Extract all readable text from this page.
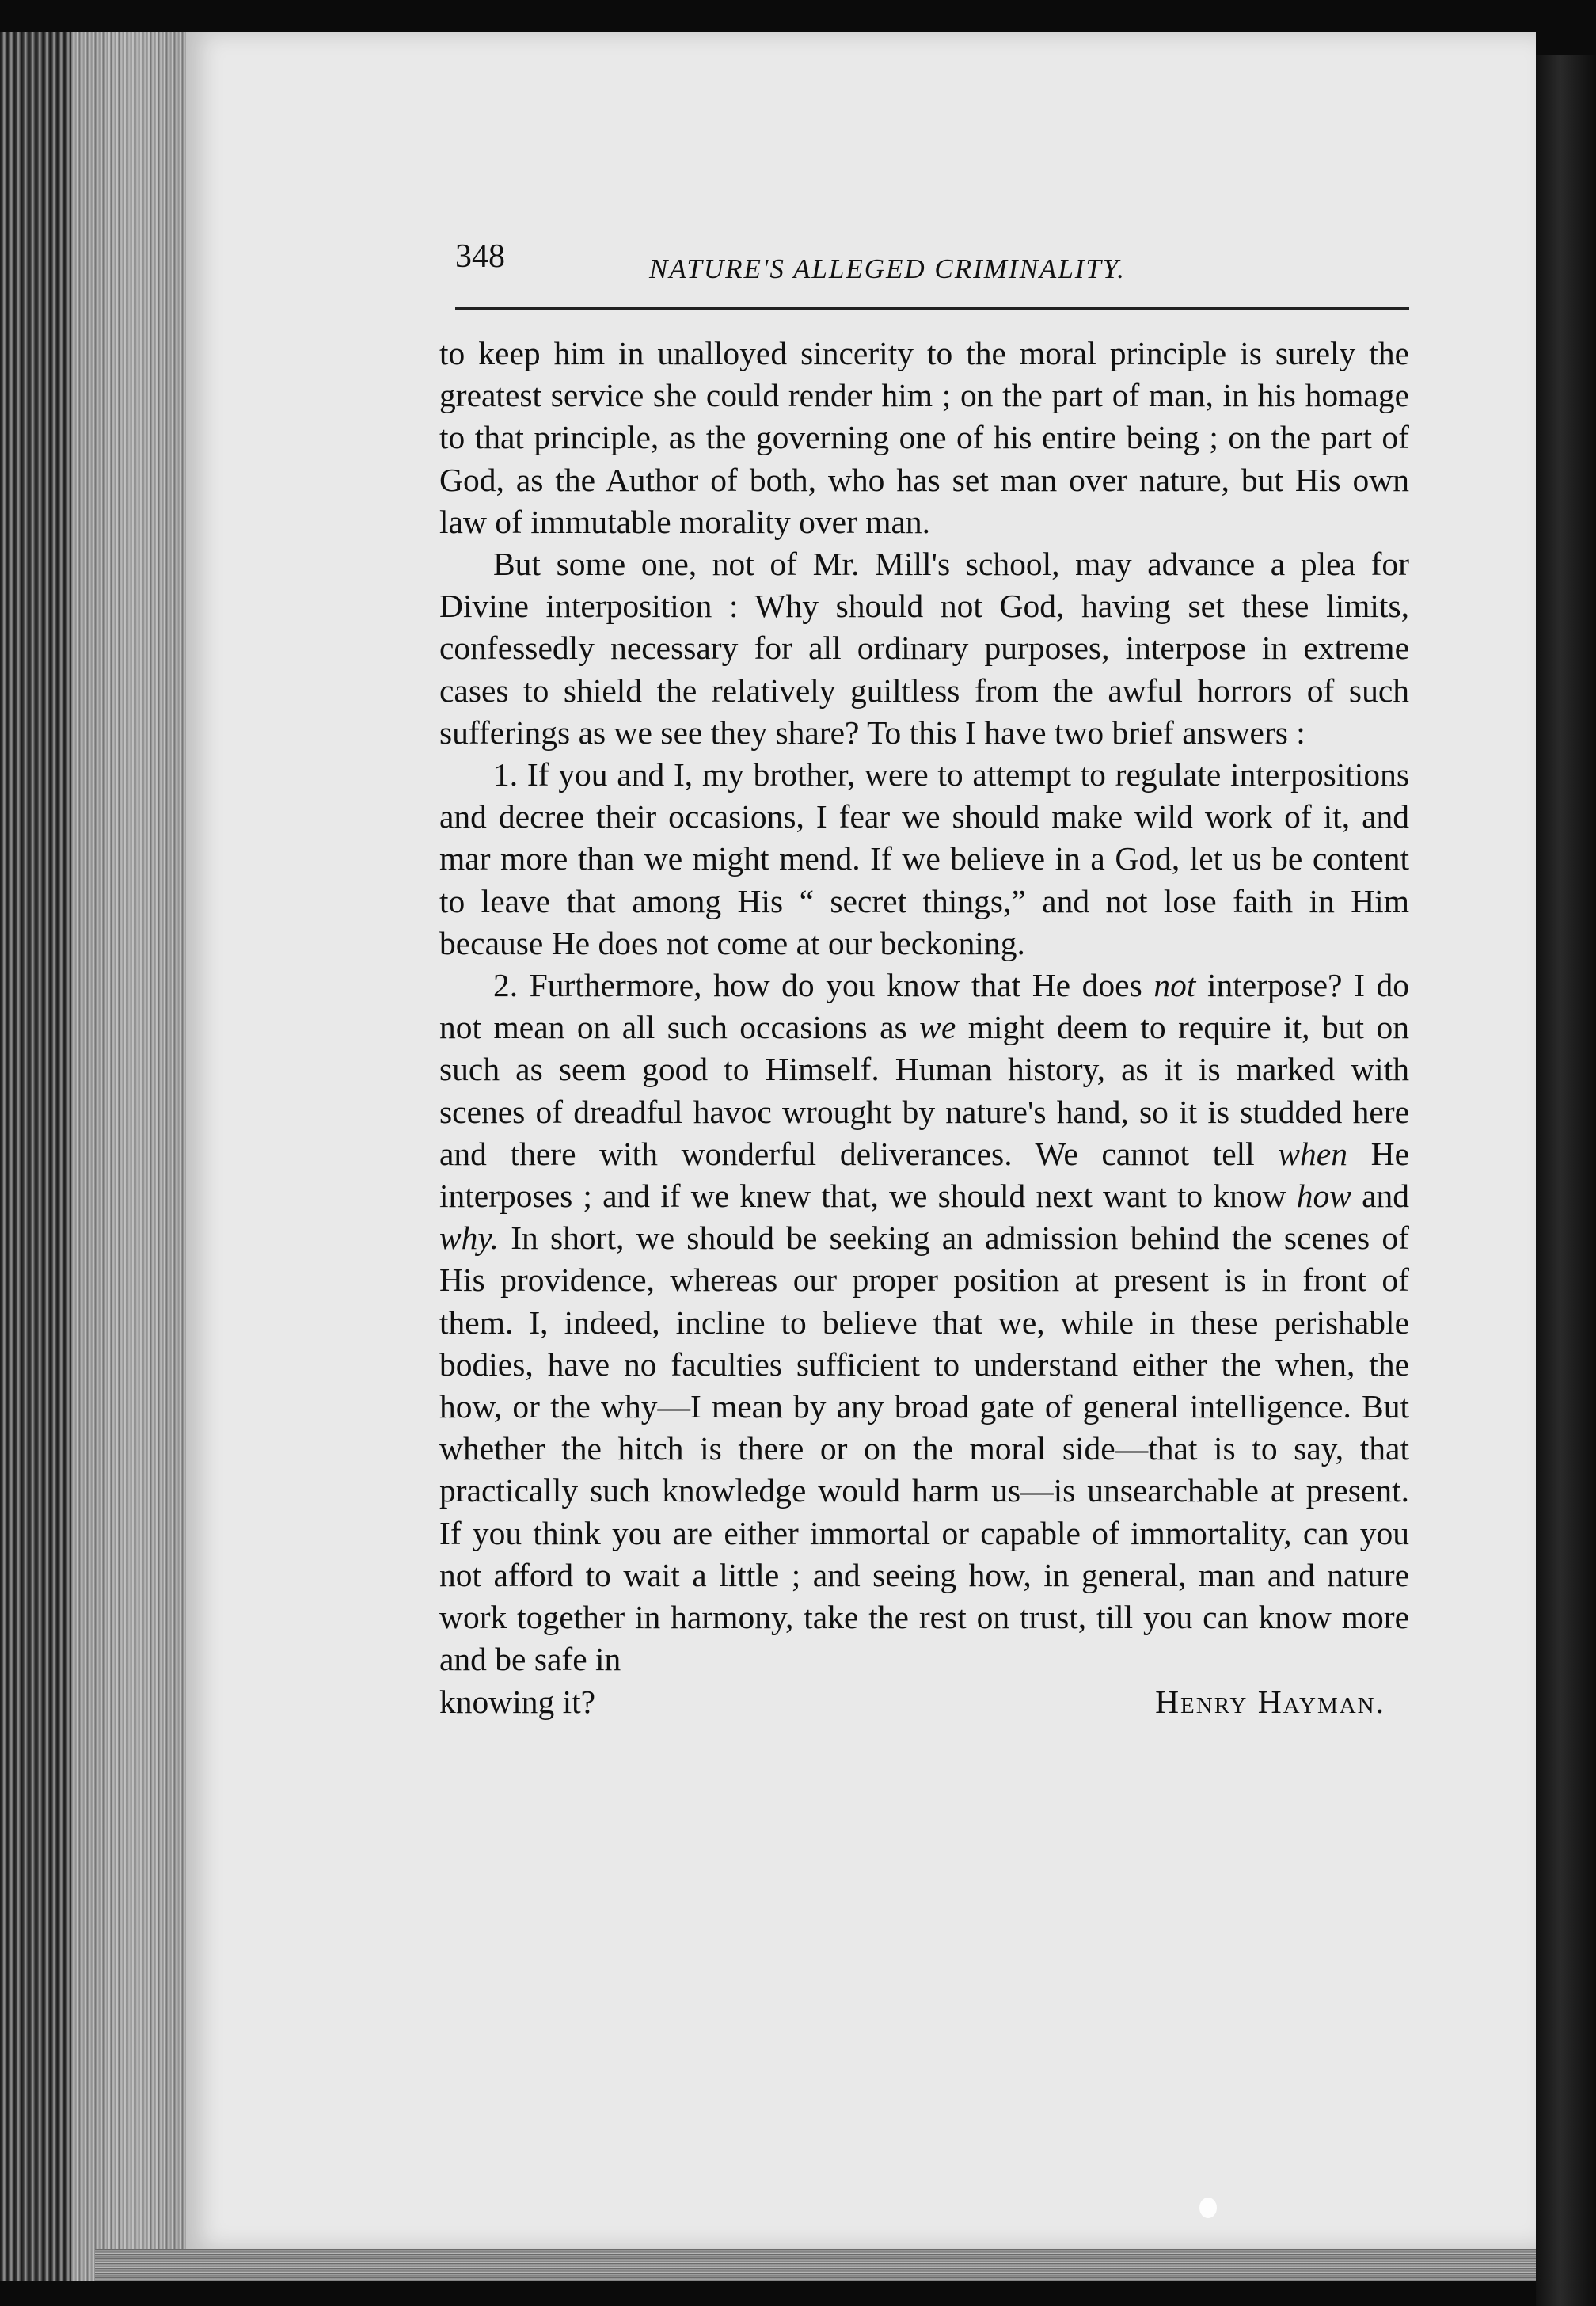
348	NATURE'S ALLEGED CRIMINALITY.

to keep him in unalloyed sincerity to the moral principle is surely the greatest service she could render him ; on the part of man, in his homage to that principle, as the governing one of his entire being ; on the part of God, as the Author of both, who has set man over nature, but His own law of immutable morality over man.

But some one, not of Mr. Mill's school, may advance a plea for Divine interposition : Why should not God, having set these limits, confessedly necessary for all ordinary purposes, interpose in extreme cases to shield the relatively guiltless from the awful horrors of such sufferings as we see they share? To this I have two brief answers :

1. If you and I, my brother, were to attempt to regulate interpositions and decree their occasions, I fear we should make wild work of it, and mar more than we might mend. If we believe in a God, let us be content to leave that among His “ secret things,” and not lose faith in Him because He does not come at our beckoning.

2. Furthermore, how do you know that He does not interpose? I do not mean on all such occasions as we might deem to require it, but on such as seem good to Himself. Human history, as it is marked with scenes of dreadful havoc wrought by nature's hand, so it is studded here and there with wonderful deliverances. We cannot tell when He interposes ; and if we knew that, we should next want to know how and why. In short, we should be seeking an admission behind the scenes of His providence, whereas our proper position at present is in front of them. I, indeed, incline to believe that we, while in these perishable bodies, have no faculties sufficient to understand either the when, the how, or the why—I mean by any broad gate of general intelligence. But whether the hitch is there or on the moral side—that is to say, that practically such knowledge would harm us—is unsearchable at present. If you think you are either immortal or capable of immortality, can you not afford to wait a little ; and seeing how, in general, man and nature work together in harmony, take the rest on trust, till you can know more and be safe in

knowing it?	Henry Hayman.
